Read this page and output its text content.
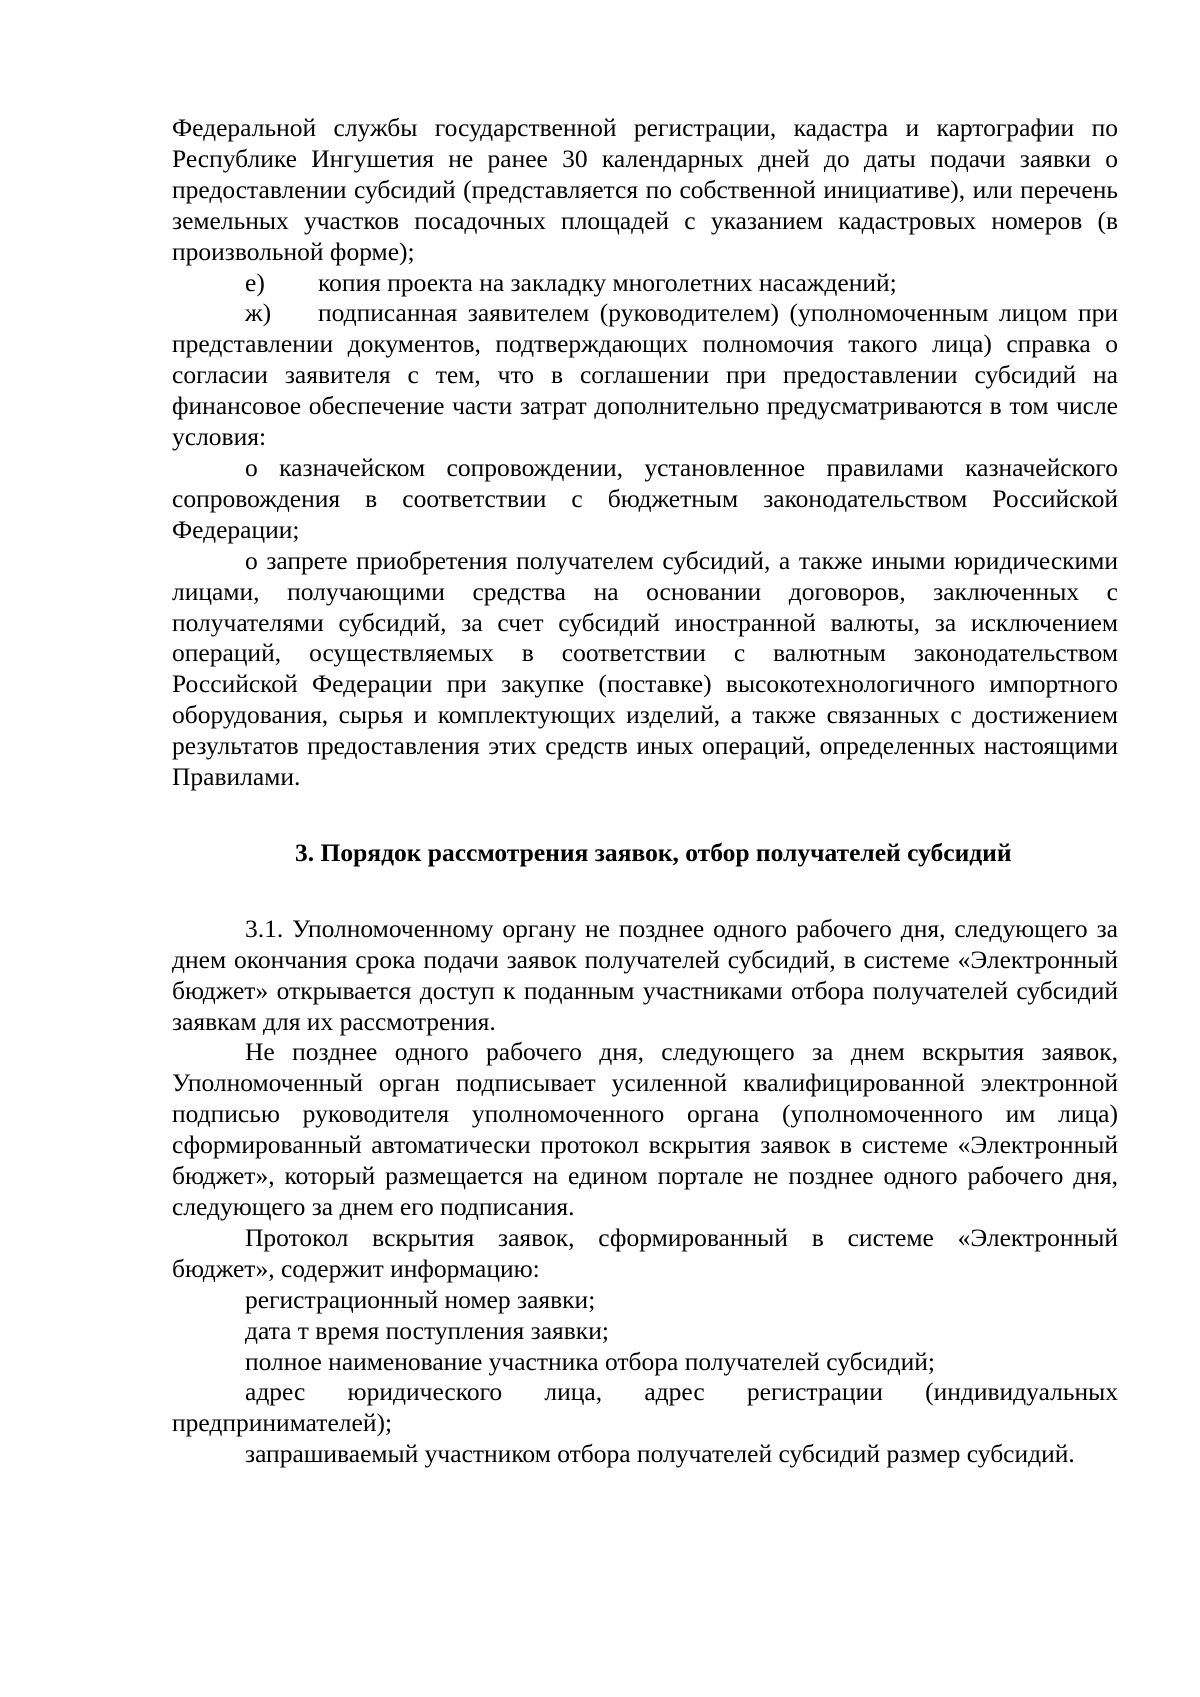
Федеральной службы государственной регистрации, кадастра и картографии по Республике Ингушетия не ранее 30 календарных дней до даты подачи заявки о предоставлении субсидий (представляется по собственной инициативе), или перечень земельных участков посадочных площадей с указанием кадастровых номеров (в произвольной форме);

е) копия проекта на закладку многолетних насаждений;

ж) подписанная заявителем (руководителем) (уполномоченным лицом при представлении документов, подтверждающих полномочия такого лица) справка о согласии заявителя с тем, что в соглашении при предоставлении субсидий на финансовое обеспечение части затрат дополнительно предусматриваются в том числе условия:

о казначейском сопровождении, установленное правилами казначейского сопровождения в соответствии с бюджетным законодательством Российской Федерации;

о запрете приобретения получателем субсидий, а также иными юридическими лицами, получающими средства на основании договоров, заключенных с получателями субсидий, за счет субсидий иностранной валюты, за исключением операций, осуществляемых в соответствии с валютным законодательством Российской Федерации при закупке (поставке) высокотехнологичного импортного оборудования, сырья и комплектующих изделий, а также связанных с достижением результатов предоставления этих средств иных операций, определенных настоящими Правилами.

3. Порядок рассмотрения заявок, отбор получателей субсидий

3.1. Уполномоченному органу не позднее одного рабочего дня, следующего за днем окончания срока подачи заявок получателей субсидий, в системе «Электронный бюджет» открывается доступ к поданным участниками отбора получателей субсидий заявкам для их рассмотрения.

Не позднее одного рабочего дня, следующего за днем вскрытия заявок, Уполномоченный орган подписывает усиленной квалифицированной электронной подписью руководителя уполномоченного органа (уполномоченного им лица) сформированный автоматически протокол вскрытия заявок в системе «Электронный бюджет», который размещается на едином портале не позднее одного рабочего дня, следующего за днем его подписания.

Протокол вскрытия заявок, сформированный в системе «Электронный бюджет», содержит информацию:

регистрационный номер заявки;

дата т время поступления заявки;

полное наименование участника отбора получателей субсидий;

адрес юридического лица, адрес регистрации (индивидуальных предпринимателей);

запрашиваемый участником отбора получателей субсидий размер субсидий.
